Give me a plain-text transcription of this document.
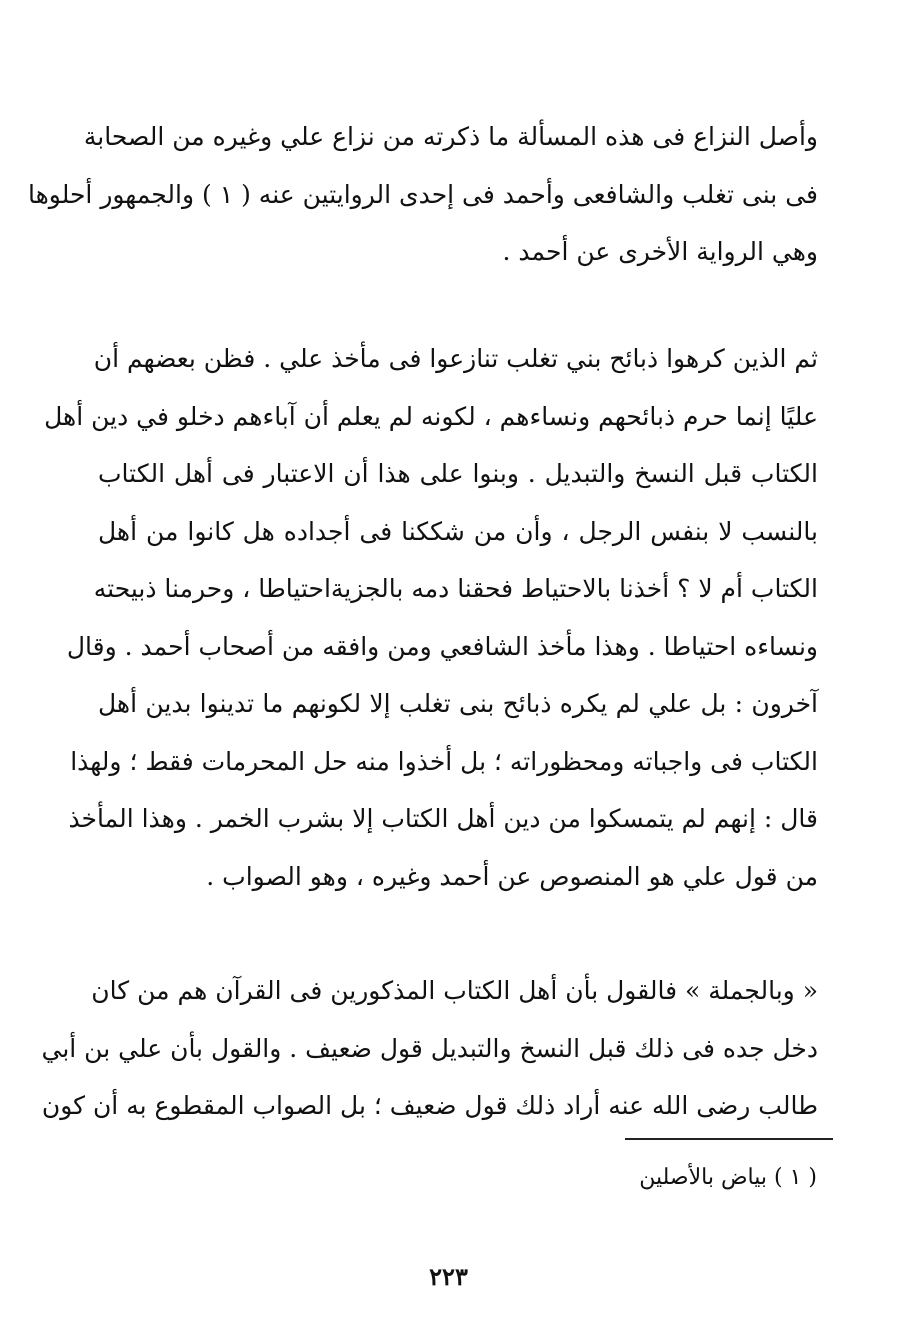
وأصل النزاع فى هذه المسألة ما ذكرته من نزاع علي وغيره من الصحابة
فى بنى تغلب والشافعى وأحمد فى إحدى الروايتين عنه ( ١ ) والجمهور أحلوها
وهي الرواية الأخرى عن أحمد .
ثم الذين كرهوا ذبائح بني تغلب تنازعوا فى مأخذ علي . فظن بعضهم أن
عليًا إنما حرم ذبائحهم ونساءهم ، لكونه لم يعلم أن آباءهم دخلو في دين أهل
الكتاب قبل النسخ والتبديل . وبنوا على هذا أن الاعتبار فى أهل الكتاب
بالنسب لا بنفس الرجل ، وأن من شككنا فى أجداده هل كانوا من أهل
الكتاب أم لا ؟ أخذنا بالاحتياط فحقنا دمه بالجزيةاحتياطا ، وحرمنا ذبيحته
ونساءه احتياطا . وهذا مأخذ الشافعي ومن وافقه من أصحاب أحمد . وقال
آخرون : بل علي لم يكره ذبائح بنى تغلب إلا لكونهم ما تدينوا بدين أهل
الكتاب فى واجباته ومحظوراته ؛ بل أخذوا منه حل المحرمات فقط ؛ ولهذا
قال : إنهم لم يتمسكوا من دين أهل الكتاب إلا بشرب الخمر . وهذا المأخذ
من قول علي هو المنصوص عن أحمد وغيره ، وهو الصواب .
« وبالجملة » فالقول بأن أهل الكتاب المذكورين فى القرآن هم من كان
دخل جده فى ذلك قبل النسخ والتبديل قول ضعيف . والقول بأن علي بن أبي
طالب رضى الله عنه أراد ذلك قول ضعيف ؛ بل الصواب المقطوع به أن كون

( ١ ) بياض بالأصلين

٢٢٣
